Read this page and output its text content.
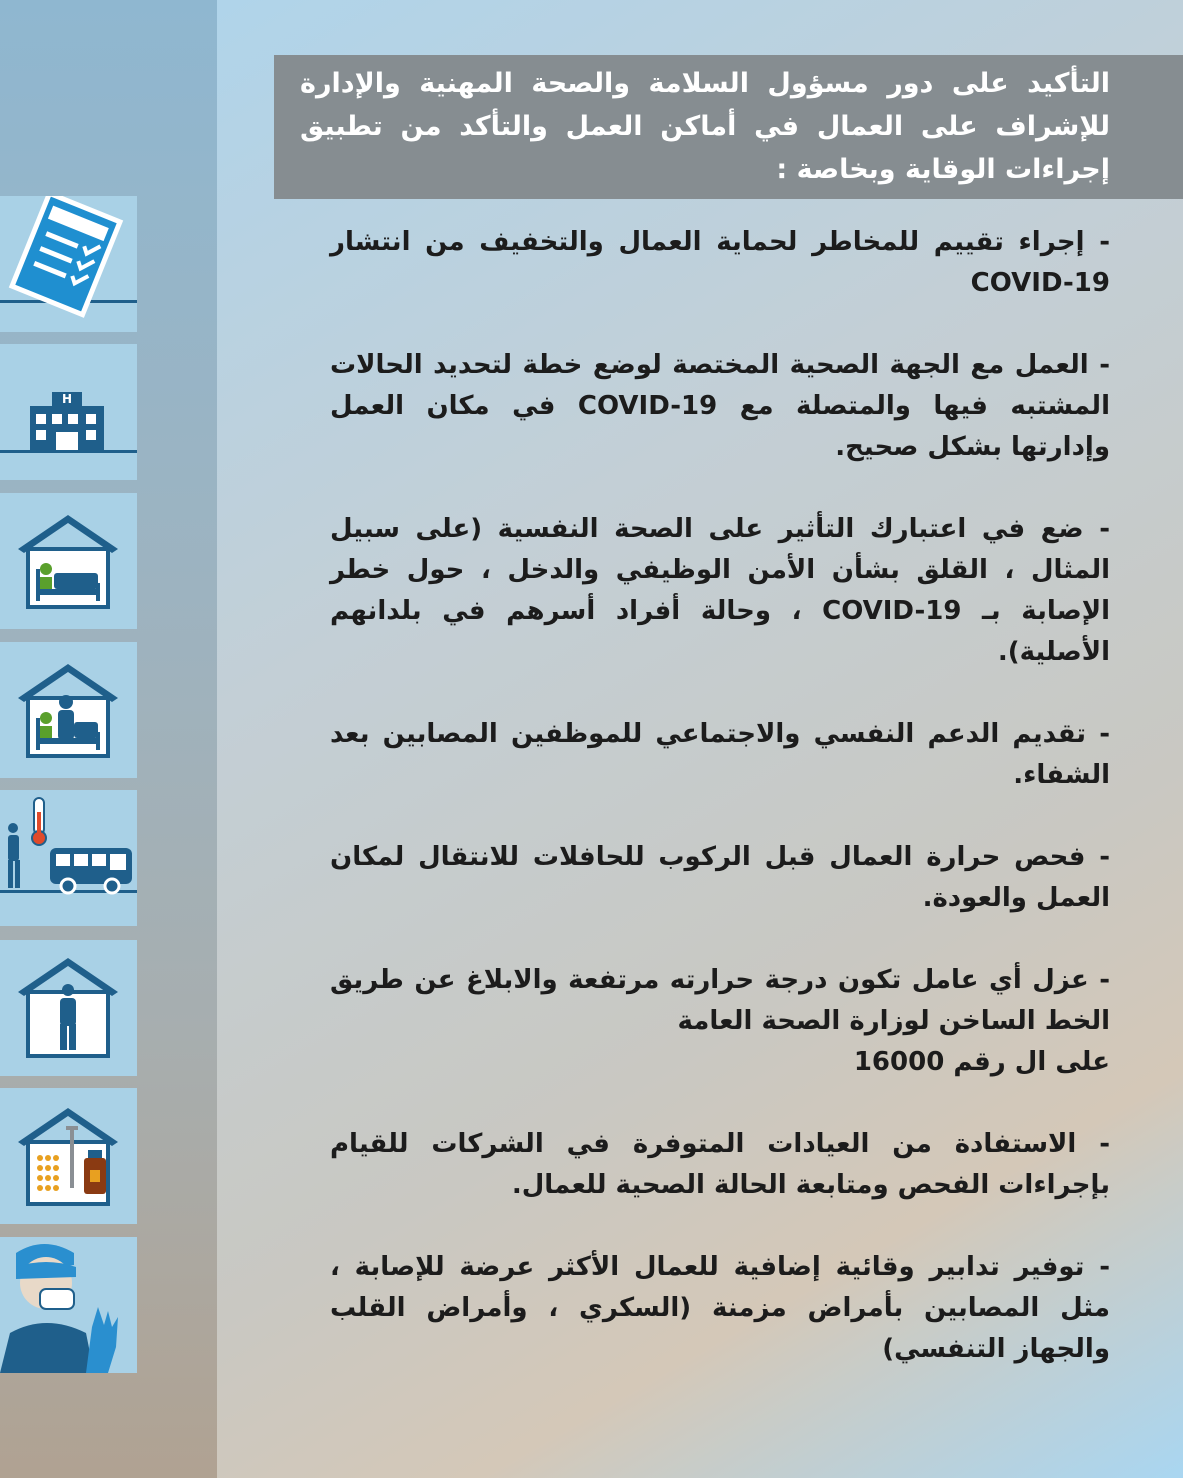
H
التأكيد على دور مسؤول السلامة والصحة المهنية والإدارة للإشراف على العمال في أماكن العمل والتأكد من تطبيق إجراءات الوقاية وبخاصة :
- إجراء تقييم للمخاطر لحماية العمال والتخفيف من انتشار COVID-19
- العمل مع الجهة الصحية المختصة لوضع خطة لتحديد الحالات المشتبه فيها والمتصلة مع COVID-19 في مكان العمل وإدارتها بشكل صحيح.
- ضع في اعتبارك التأثير على الصحة النفسية (على سبيل المثال ، القلق بشأن الأمن الوظيفي والدخل ، حول خطر الإصابة بـ COVID-19 ، وحالة أفراد أسرهم في بلدانهم الأصلية).
- تقديم الدعم النفسي والاجتماعي للموظفين المصابين بعد الشفاء.
- فحص حرارة العمال قبل الركوب للحافلات للانتقال لمكان العمل والعودة.
- عزل أي عامل تكون درجة حرارته مرتفعة والابلاغ عن طريق الخط الساخن لوزارة الصحة العامة
على ال رقم 16000
- الاستفادة من العيادات المتوفرة في الشركات للقيام بإجراءات الفحص ومتابعة الحالة الصحية للعمال.
- توفير تدابير وقائية إضافية للعمال الأكثر عرضة للإصابة ، مثل المصابين بأمراض مزمنة (السكري ، وأمراض القلب والجهاز التنفسي)
